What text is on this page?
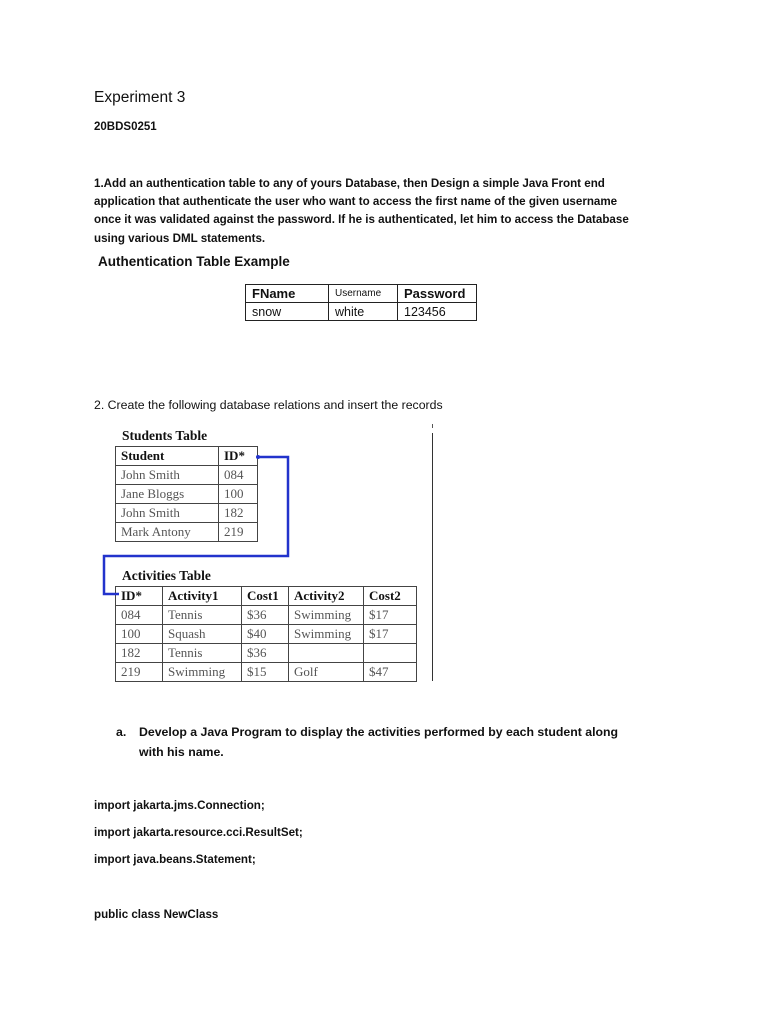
Experiment 3
20BDS0251
1.Add an authentication table to any of yours Database, then Design a simple Java Front end
application that authenticate the user who want to access the first name of the given username
once it was validated against the password. If he is authenticated, let him to access the Database
using various DML statements.
Authentication Table Example
FName	Username	Password
snow	white	123456
2. Create the following database relations and insert the records
Students Table
Student	ID*
John Smith	084
Jane Bloggs	100
John Smith	182
Mark Antony	219
Activities Table
ID*	Activity1	Cost1	Activity2	Cost2
084	Tennis	$36	Swimming	$17
100	Squash	$40	Swimming	$17
182	Tennis	$36		
219	Swimming	$15	Golf	$47
a. Develop a Java Program to display the activities performed by each student along
with his name.
import jakarta.jms.Connection;
import jakarta.resource.cci.ResultSet;
import java.beans.Statement;
public class NewClass
